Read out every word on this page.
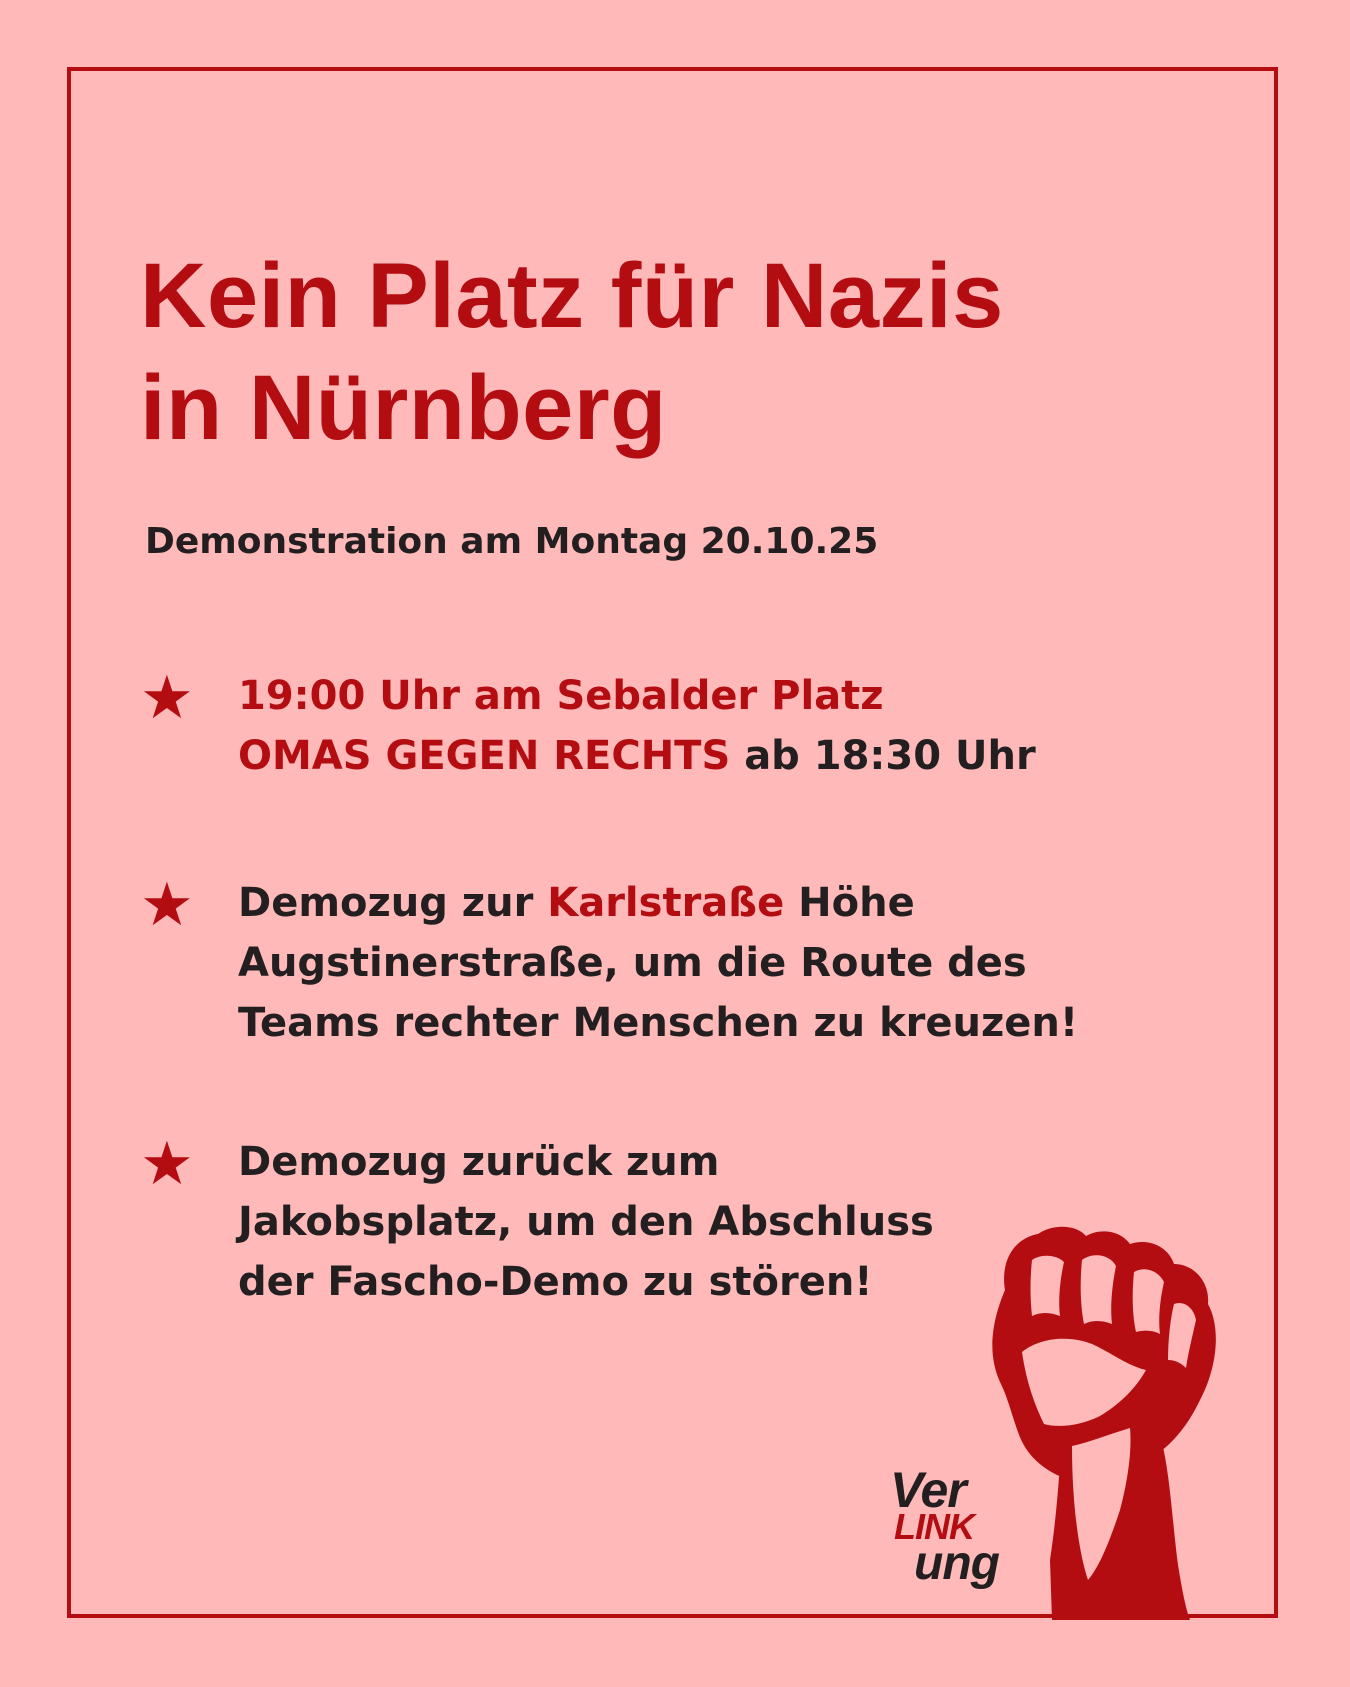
Kein Platz für Nazis
in Nürnberg
Demonstration am Montag 20.10.25
★ 19:00 Uhr am Sebalder Platz
OMAS GEGEN RECHTS ab 18:30 Uhr
★ Demozug zur Karlstraße Höhe
Augstinerstraße, um die Route des
Teams rechter Menschen zu kreuzen!
★ Demozug zurück zum
Jakobsplatz, um den Abschluss
der Fascho-Demo zu stören!
Ver
LINK
ung
